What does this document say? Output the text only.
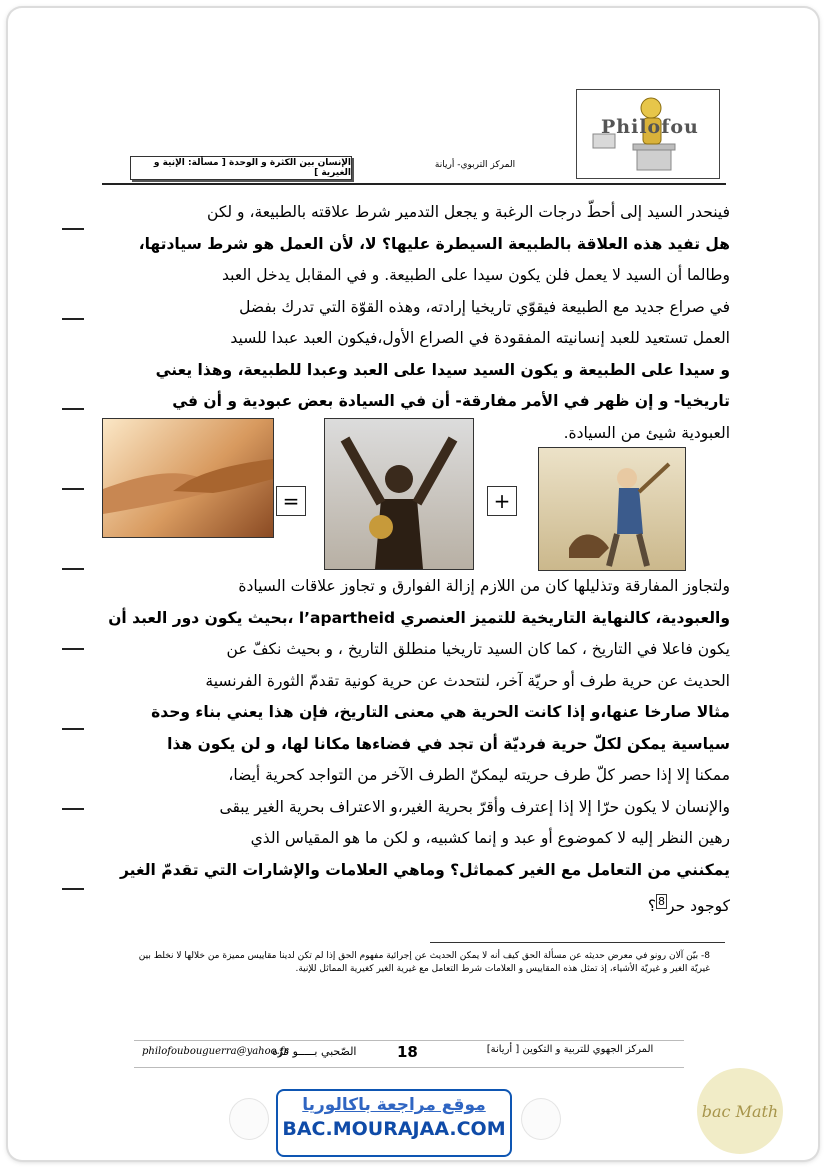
Philofou
المركز التربوي- أريانة
الإنسان بين الكثرة و الوحدة [ مسألة: الإنية و الغيرية ]
فينحدر السيد إلى أحطّ درجات الرغبة و يجعل التدمير شرط علاقته بالطبيعة، و لكن
هل تفيد هذه العلاقة بالطبيعة السيطرة عليها؟ لا، لأن العمل هو شرط سيادتها،
وطالما أن السيد لا يعمل فلن يكون سيدا على الطبيعة. و في المقابل يدخل العبد
في صراع جديد مع الطبيعة فيقوّي تاريخيا إرادته، وهذه القوّة التي تدرك بفضل
العمل تستعيد للعبد إنسانيته المفقودة في الصراع الأول،فيكون العبد عبدا للسيد
و سيدا على الطبيعة و يكون السيد سيدا على العبد وعبدا للطبيعة، وهذا يعني
تاريخيا- و إن ظهر في الأمر مفارقة- أن في السيادة بعض عبودية و أن في
العبودية شيئ من السيادة.
=	+
ولتجاوز المفارقة وتذليلها كان من اللازم إزالة الفوارق و تجاوز علاقات السيادة
والعبودية، كالنهاية التاريخية للتميز العنصري l’apartheid ،بحيث يكون دور العبد أن
يكون فاعلا في التاريخ ، كما كان السيد تاريخيا منطلق التاريخ ، و بحيث نكفّ عن
الحديث عن حرية طرف أو حريّة آخر، لنتحدث عن حرية كونية تقدمّ الثورة الفرنسية
مثالا صارخا عنها،و إذا كانت الحرية هي معنى التاريخ، فإن هذا يعني بناء وحدة
سياسية يمكن لكلّ حرية فرديّة أن تجد في فضاءها مكانا لها، و لن يكون هذا
ممكنا إلا إذا حصر كلّ طرف حريته ليمكنّ الطرف الآخر من التواجد كحرية أيضا،
والإنسان لا يكون حرّا إلا إذا إعترف وأقرّ بحرية الغير،و الاعتراف بحرية الغير يبقى
رهين النظر إليه لا كموضوع أو عبد و إنما كشبيه، و لكن ما هو المقياس الذي
يمكنني من التعامل مع الغير كمماثل؟ وماهي العلامات والإشارات التي تقدمّ الغير
كوجود حر$^8$؟
8- بيّن آلان رونو في معرض حديثه عن مسألة الحق كيف أنه لا يمكن الحديث عن إجرائية مفهوم الحق إذا لم تكن لدينا مقاييس مميزة من خلالها لا نخلط بين غيريّة الغير و غيريّة الأشياء، إذ تمثل هذه المقاييس و العلامات شرط التعامل مع غيرية الغير كغيرية المماثل للإنية.
philofoubouguerra@yahoo.fr
الصّحبي بـــــو قرّة	18	المركز الجهوي للتربية و التكوين [ أريانة]
موقع مراجعة باكالوريا
BAC.MOURAJAA.COM
bac Math
